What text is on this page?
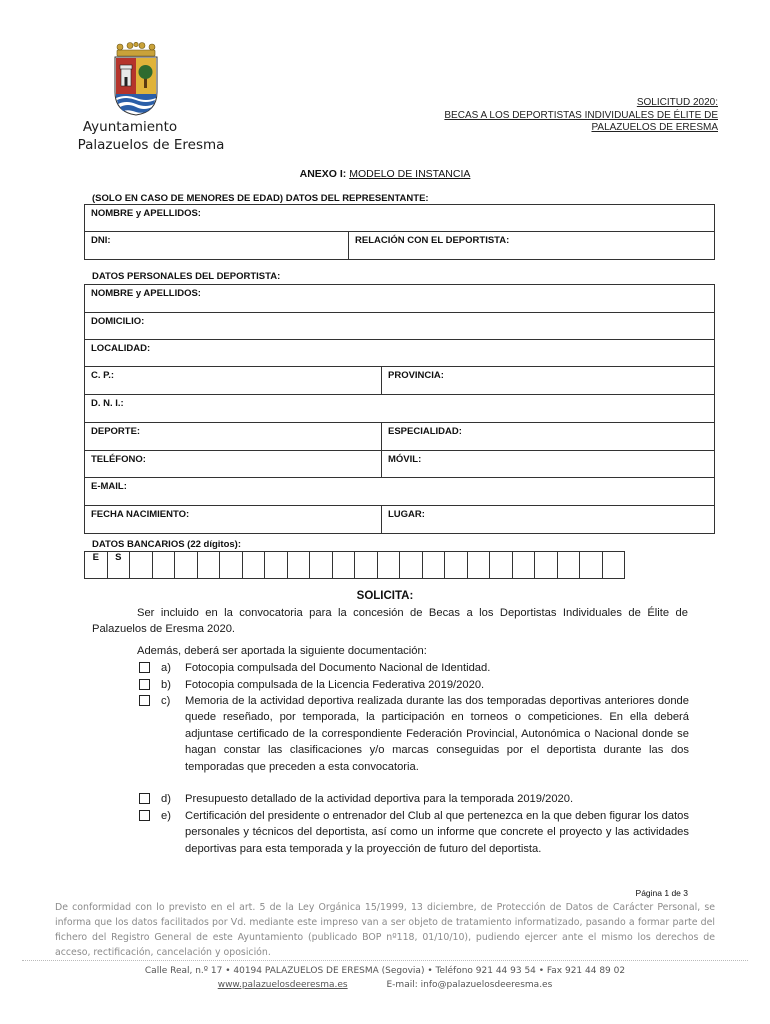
Ayuntamiento
Palazuelos de Eresma
SOLICITUD 2020:
BECAS A LOS DEPORTISTAS INDIVIDUALES DE ÉLITE DE
PALAZUELOS DE ERESMA
ANEXO I: MODELO DE INSTANCIA
(SOLO EN CASO DE MENORES DE EDAD) DATOS DEL REPRESENTANTE:
NOMBRE y APELLIDOS:
DNI:	RELACIÓN CON EL DEPORTISTA:
DATOS PERSONALES DEL DEPORTISTA:
NOMBRE y APELLIDOS:	
DOMICILIO:	
LOCALIDAD:	
C. P.:	PROVINCIA:
D. N. I.:	
DEPORTE:	ESPECIALIDAD:
TELÉFONO:	MÓVIL:
E-MAIL:	
FECHA NACIMIENTO:	LUGAR:
DATOS BANCARIOS (22 dígitos):
E	S																						
SOLICITA:
Ser incluido en la convocatoria para la concesión de Becas a los Deportistas Individuales de Élite de Palazuelos de Eresma 2020.
Además, deberá ser aportada la siguiente documentación:
a) Fotocopia compulsada del Documento Nacional de Identidad.
b) Fotocopia compulsada de la Licencia Federativa 2019/2020.
c) Memoria de la actividad deportiva realizada durante las dos temporadas deportivas anteriores donde quede reseñado, por temporada, la participación en torneos o competiciones. En ella deberá adjuntase certificado de la correspondiente Federación Provincial, Autonómica o Nacional donde se hagan constar las clasificaciones y/o marcas conseguidas por el deportista durante las dos temporadas que preceden a esta convocatoria.
d) Presupuesto detallado de la actividad deportiva para la temporada 2019/2020.
e) Certificación del presidente o entrenador del Club al que pertenezca en la que deben figurar los datos personales y técnicos del deportista, así como un informe que concrete el proyecto y las actividades deportivas para esta temporada y la proyección de futuro del deportista.
Página 1 de 3
De conformidad con lo previsto en el art. 5 de la Ley Orgánica 15/1999, 13 diciembre, de Protección de Datos de Carácter Personal, se informa que los datos facilitados por Vd. mediante este impreso van a ser objeto de tratamiento informatizado, pasando a formar parte del fichero del Registro General de este Ayuntamiento (publicado BOP nº118, 01/10/10), pudiendo ejercer ante el mismo los derechos de acceso, rectificación, cancelación y oposición.
Calle Real, n.º 17 • 40194 PALAZUELOS DE ERESMA (Segovia) • Teléfono 921 44 93 54 • Fax 921 44 89 02
www.palazuelosdeeresma.es	E-mail: info@palazuelosdeeresma.es
